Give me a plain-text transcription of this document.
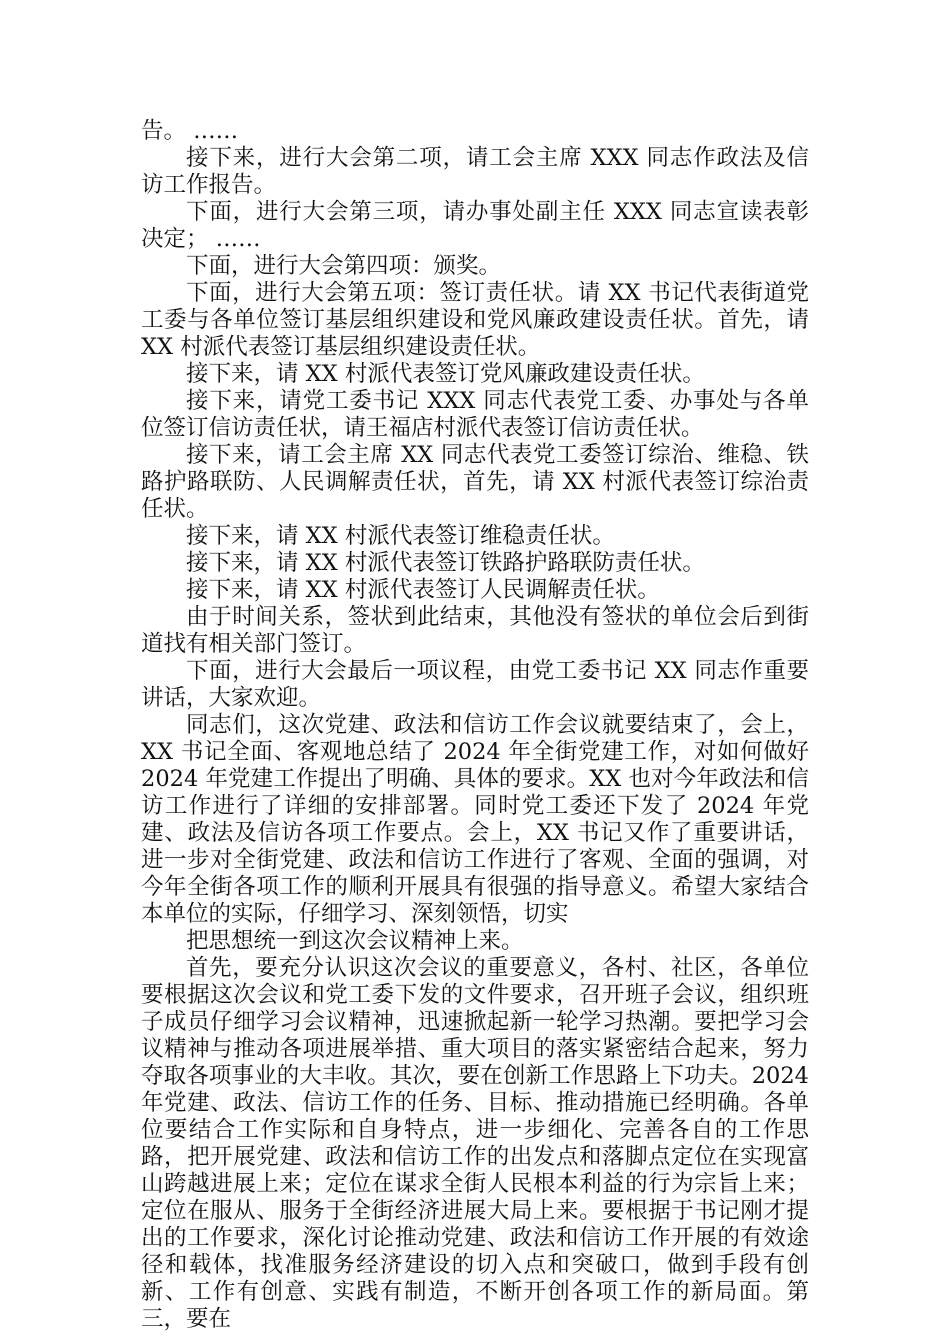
告。 ……

接下来，进行大会第二项，请工会主席 XXX 同志作政法及信访工作报告。

下面，进行大会第三项，请办事处副主任 XXX 同志宣读表彰决定； ……

下面，进行大会第四项：颁奖。

下面，进行大会第五项：签订责任状。请 XX 书记代表街道党工委与各单位签订基层组织建设和党风廉政建设责任状。首先，请 XX 村派代表签订基层组织建设责任状。

接下来，请 XX 村派代表签订党风廉政建设责任状。

接下来，请党工委书记 XXX 同志代表党工委、办事处与各单位签订信访责任状，请王福店村派代表签订信访责任状。

接下来，请工会主席 XX 同志代表党工委签订综治、维稳、铁路护路联防、人民调解责任状，首先，请 XX 村派代表签订综治责任状。

接下来，请 XX 村派代表签订维稳责任状。

接下来，请 XX 村派代表签订铁路护路联防责任状。

接下来，请 XX 村派代表签订人民调解责任状。

由于时间关系，签状到此结束，其他没有签状的单位会后到街道找有相关部门签订。

下面，进行大会最后一项议程，由党工委书记 XX 同志作重要讲话，大家欢迎。

同志们，这次党建、政法和信访工作会议就要结束了，会上，XX 书记全面、客观地总结了 2024 年全街党建工作，对如何做好 2024 年党建工作提出了明确、具体的要求。XX 也对今年政法和信访工作进行了详细的安排部署。同时党工委还下发了 2024 年党建、政法及信访各项工作要点。会上，XX 书记又作了重要讲话，进一步对全街党建、政法和信访工作进行了客观、全面的强调，对今年全街各项工作的顺利开展具有很强的指导意义。希望大家结合本单位的实际，仔细学习、深刻领悟，切实

把思想统一到这次会议精神上来。

首先，要充分认识这次会议的重要意义，各村、社区，各单位要根据这次会议和党工委下发的文件要求，召开班子会议，组织班子成员仔细学习会议精神，迅速掀起新一轮学习热潮。要把学习会议精神与推动各项进展举措、重大项目的落实紧密结合起来，努力夺取各项事业的大丰收。其次，要在创新工作思路上下功夫。2024 年党建、政法、信访工作的任务、目标、推动措施已经明确。各单位要结合工作实际和自身特点，进一步细化、完善各自的工作思路，把开展党建、政法和信访工作的出发点和落脚点定位在实现富山跨越进展上来；定位在谋求全街人民根本利益的行为宗旨上来；定位在服从、服务于全街经济进展大局上来。要根据于书记刚才提出的工作要求，深化讨论推动党建、政法和信访工作开展的有效途径和载体，找准服务经济建设的切入点和突破口，做到手段有创新、工作有创意、实践有制造，不断开创各项工作的新局面。第三，要在
